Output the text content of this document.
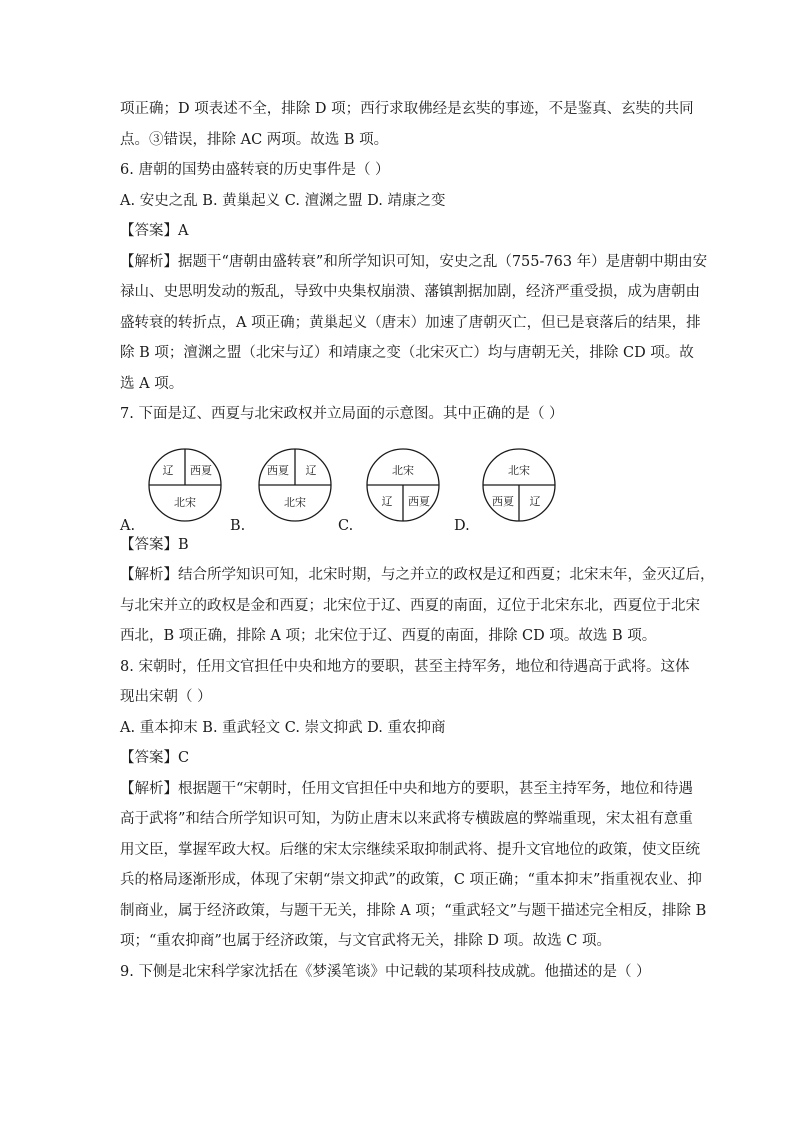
项正确；D 项表述不全，排除 D 项；西行求取佛经是玄奘的事迹，不是鉴真、玄奘的共同
点。③错误，排除 AC 两项。故选 B 项。
6. 唐朝的国势由盛转衰的历史事件是（ ）
A. 安史之乱 B. 黄巢起义 C. 澶渊之盟 D. 靖康之变
【答案】A
【解析】据题干“唐朝由盛转衰”和所学知识可知，安史之乱（755-763 年）是唐朝中期由安
禄山、史思明发动的叛乱，导致中央集权崩溃、藩镇割据加剧，经济严重受损，成为唐朝由
盛转衰的转折点，A 项正确；黄巢起义（唐末）加速了唐朝灭亡，但已是衰落后的结果，排
除 B 项；澶渊之盟（北宋与辽）和靖康之变（北宋灭亡）均与唐朝无关，排除 CD 项。故
选 A 项。
7. 下面是辽、西夏与北宋政权并立局面的示意图。其中正确的是（ ）
A.
辽 西夏
北宋
B.
西夏 辽
北宋
C.
北宋
辽 西夏
D.
北宋
西夏 辽
【答案】B
【解析】结合所学知识可知，北宋时期，与之并立的政权是辽和西夏；北宋末年，金灭辽后，
与北宋并立的政权是金和西夏；北宋位于辽、西夏的南面，辽位于北宋东北，西夏位于北宋
西北，B 项正确，排除 A 项；北宋位于辽、西夏的南面，排除 CD 项。故选 B 项。
8. 宋朝时，任用文官担任中央和地方的要职，甚至主持军务，地位和待遇高于武将。这体
现出宋朝（ ）
A. 重本抑末 B. 重武轻文 C. 崇文抑武 D. 重农抑商
【答案】C
【解析】根据题干“宋朝时，任用文官担任中央和地方的要职，甚至主持军务，地位和待遇
高于武将”和结合所学知识可知，为防止唐末以来武将专横跋扈的弊端重现，宋太祖有意重
用文臣，掌握军政大权。后继的宋太宗继续采取抑制武将、提升文官地位的政策，使文臣统
兵的格局逐渐形成，体现了宋朝“崇文抑武”的政策，C 项正确；“重本抑末”指重视农业、抑
制商业，属于经济政策，与题干无关，排除 A 项；“重武轻文”与题干描述完全相反，排除 B
项；“重农抑商”也属于经济政策，与文官武将无关，排除 D 项。故选 C 项。
9. 下侧是北宋科学家沈括在《梦溪笔谈》中记载的某项科技成就。他描述的是（ ）
